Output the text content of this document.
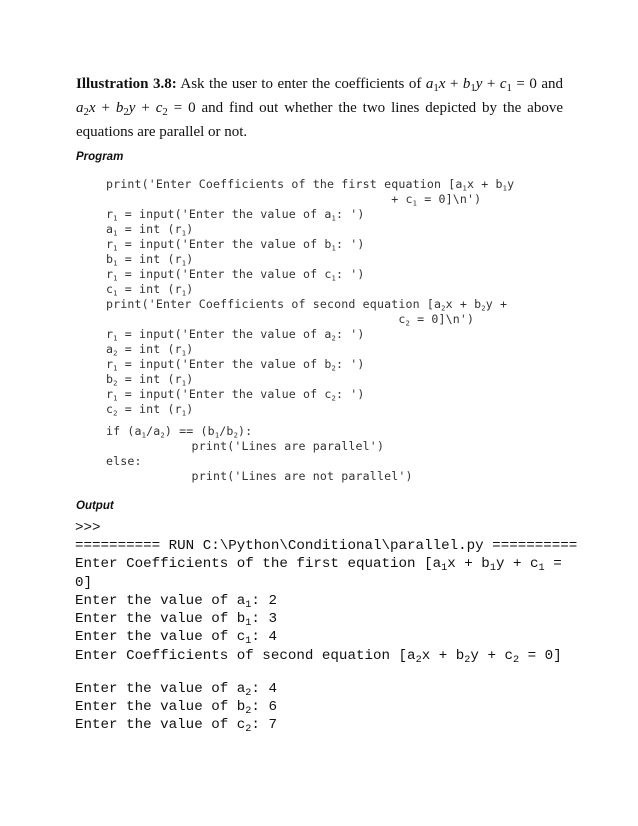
Illustration 3.8: Ask the user to enter the coefficients of $a_1x + b_1y + c_1 = 0$ and $a_2x + b_2y + c_2 = 0$ and find out whether the two lines depicted by the above equations are parallel or not.

Program

print('Enter Coefficients of the first equation [$a_1x + b_1y$
+ $c_1$ = 0]\n')
$r_1$ = input('Enter the value of $a_1$: ')
$a_1$ = int $(r_1)$
$r_1$ = input('Enter the value of $b_1$: ')
$b_1$ = int $(r_1)$
$r_1$ = input('Enter the value of $c_1$: ')
$c_1$ = int $(r_1)$
print('Enter Coefficients of second equation [$a_2x + b_2y$ +
$c_2$ = 0]\n')
$r_1$ = input('Enter the value of $a_2$: ')
$a_2$ = int $(r_1)$
$r_1$ = input('Enter the value of $b_2$: ')
$b_2$ = int $(r_1)$
$r_1$ = input('Enter the value of $c_2$: ')
$c_2$ = int $(r_1)$
if $(a_1/a_2) == (b_1/b_2)$:
print('Lines are parallel')
else:
print('Lines are not parallel')

Output

>>>
========== RUN C:\Python\Conditional\parallel.py ==========
Enter Coefficients of the first equation [$a_1x + b_1y + c_1$ =
0]
Enter the value of $a_1$: 2
Enter the value of $b_1$: 3
Enter the value of $c_1$: 4
Enter Coefficients of second equation $[a_2x + b_2y + c_2 = 0]$
Enter the value of $a_2$: 4
Enter the value of $b_2$: 6
Enter the value of $c_2$: 7
